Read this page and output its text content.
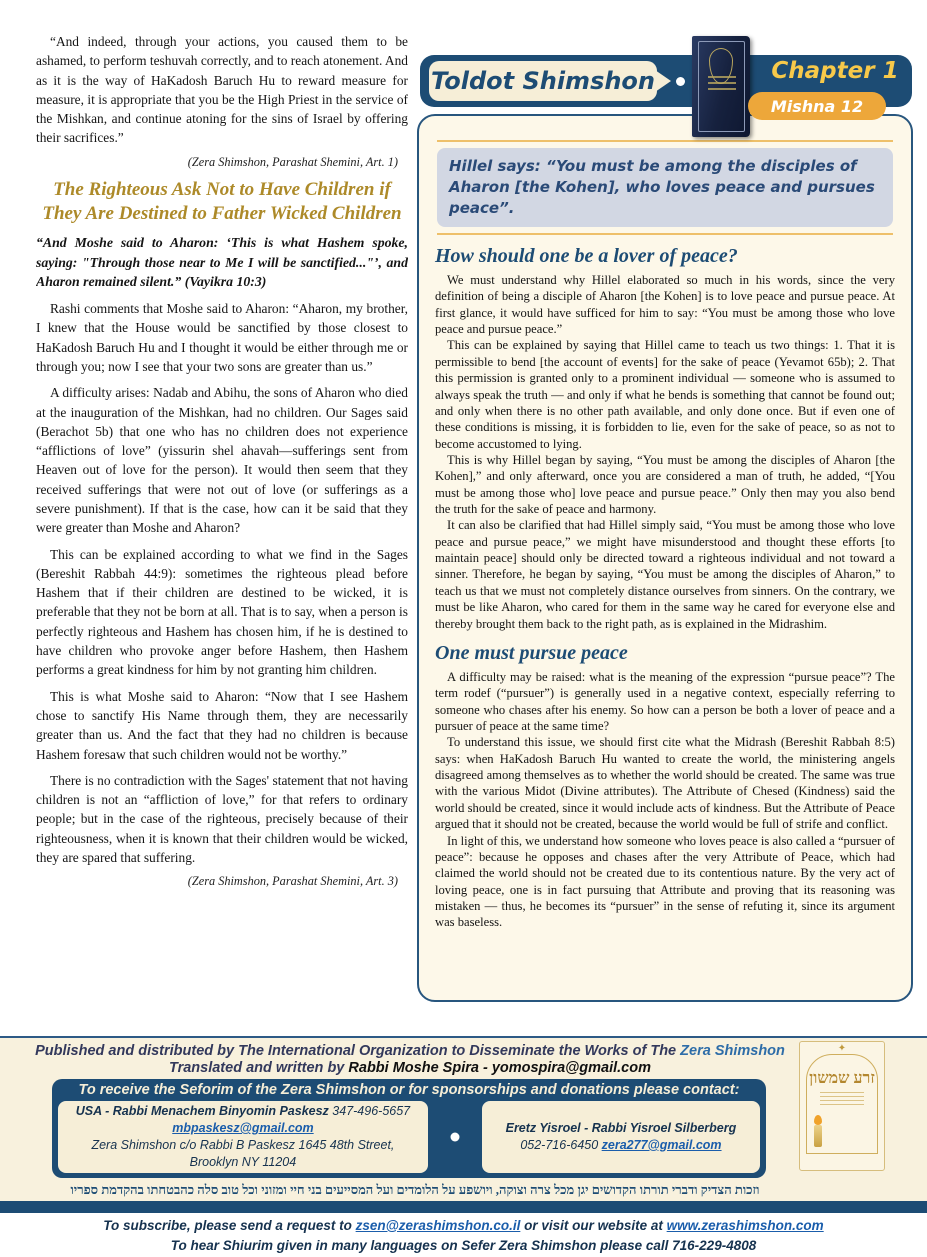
“And indeed, through your actions, you caused them to be ashamed, to perform teshuvah correctly, and to reach atonement. And as it is the way of HaKadosh Baruch Hu to reward measure for measure, it is appropriate that you be the High Priest in the service of the Mishkan, and continue atoning for the sins of Israel by offering their sacrifices.”

(Zera Shimshon, Parashat Shemini, Art. 1)

The Righteous Ask Not to Have Children if They Are Destined to Father Wicked Children

“And Moshe said to Aharon: ‘This is what Hashem spoke, saying: "Through those near to Me I will be sanctified..."’, and Aharon remained silent.” (Vayikra 10:3)

Rashi comments that Moshe said to Aharon: “Aharon, my brother, I knew that the House would be sanctified by those closest to HaKadosh Baruch Hu and I thought it would be either through me or through you; now I see that your two sons are greater than us.”

A difficulty arises: Nadab and Abihu, the sons of Aharon who died at the inauguration of the Mishkan, had no children. Our Sages said (Berachot 5b) that one who has no children does not experience “afflictions of love” (yissurin shel ahavah—sufferings sent from Heaven out of love for the person). It would then seem that they received sufferings that were not out of love (or sufferings as a severe punishment). If that is the case, how can it be said that they were greater than Moshe and Aharon?

This can be explained according to what we find in the Sages (Bereshit Rabbah 44:9): sometimes the righteous plead before Hashem that if their children are destined to be wicked, it is preferable that they not be born at all. That is to say, when a person is perfectly righteous and Hashem has chosen him, if he is destined to have children who provoke anger before Hashem, then Hashem performs a great kindness for him by not granting him children.

This is what Moshe said to Aharon: “Now that I see Hashem chose to sanctify His Name through them, they are necessarily greater than us. And the fact that they had no children is because Hashem foresaw that such children would not be worthy.”

There is no contradiction with the Sages' statement that not having children is not an “affliction of love,” for that refers to ordinary people; but in the case of the righteous, precisely because of their righteousness, when it is known that their children would be wicked, they are spared that suffering.

(Zera Shimshon, Parashat Shemini, Art. 3)

Toldot Shimshon	Chapter 1
Mishna 12
Hillel says: “You must be among the disciples of Aharon [the Kohen], who loves peace and pursues peace”.
How should one be a lover of peace?

We must understand why Hillel elaborated so much in his words, since the very definition of being a disciple of Aharon [the Kohen] is to love peace and pursue peace. At first glance, it would have sufficed for him to say: “You must be among those who love peace and pursue peace.”

This can be explained by saying that Hillel came to teach us two things: 1. That it is permissible to bend [the account of events] for the sake of peace (Yevamot 65b); 2. That this permission is granted only to a prominent individual — someone who is assumed to always speak the truth — and only if what he bends is something that cannot be found out; and only when there is no other path available, and only done once. But if even one of these conditions is missing, it is forbidden to lie, even for the sake of peace, so as not to become accustomed to lying.

This is why Hillel began by saying, “You must be among the disciples of Aharon [the Kohen],” and only afterward, once you are considered a man of truth, he added, “[You must be among those who] love peace and pursue peace.” Only then may you also bend the truth for the sake of peace and harmony.

It can also be clarified that had Hillel simply said, “You must be among those who love peace and pursue peace,” we might have misunderstood and thought these efforts [to maintain peace] should only be directed toward a righteous individual and not toward a sinner. Therefore, he began by saying, “You must be among the disciples of Aharon,” to teach us that we must not completely distance ourselves from sinners. On the contrary, we must be like Aharon, who cared for them in the same way he cared for everyone else and thereby brought them back to the right path, as is explained in the Midrashim.

One must pursue peace

A difficulty may be raised: what is the meaning of the expression “pursue peace”? The term rodef (“pursuer”) is generally used in a negative context, especially referring to someone who chases after his enemy. So how can a person be both a lover of peace and a pursuer of peace at the same time?

To understand this issue, we should first cite what the Midrash (Bereshit Rabbah 8:5) says: when HaKadosh Baruch Hu wanted to create the world, the ministering angels disagreed among themselves as to whether the world should be created. The same was true with the various Midot (Divine attributes). The Attribute of Chesed (Kindness) said the world should be created, since it would include acts of kindness. But the Attribute of Peace argued that it should not be created, because the world would be full of strife and conflict.

In light of this, we understand how someone who loves peace is also called a “pursuer of peace”: because he opposes and chases after the very Attribute of Peace, which had claimed the world should not be created due to its contentious nature. By the very act of loving peace, one is in fact pursuing that Attribute and proving that its reasoning was mistaken — thus, he becomes its “pursuer” in the sense of refuting it, since its argument was baseless.

Published and distributed by The International Organization to Disseminate the Works of The Zera Shimshon

Translated and written by Rabbi Moshe Spira - yomospira@gmail.com

To receive the Seforim of the Zera Shimshon or for sponsorships and donations please contact:
USA - Rabbi Menachem Binyomin Paskesz 347-496-5657 mbpaskesz@gmail.com
Zera Shimshon c/o Rabbi B Paskesz 1645 48th Street, Brooklyn NY 11204
Eretz Yisroel - Rabbi Yisroel Silberberg
052-716-6450 zera277@gmail.com
וזכות הצדיק ודברי תורתו הקדושים יגן מכל צרה וצוקה, ויושפע על הלומדים ועל המסייעים בני חיי ומזוני וכל טוב סלה כהבטחתו בהקדמת ספריו
✦
זרע שמשון

To subscribe, please send a request to zsen@zerashimshon.co.il or visit our website at www.zerashimshon.com

To hear Shiurim given in many languages on Sefer Zera Shimshon please call 716-229-4808
